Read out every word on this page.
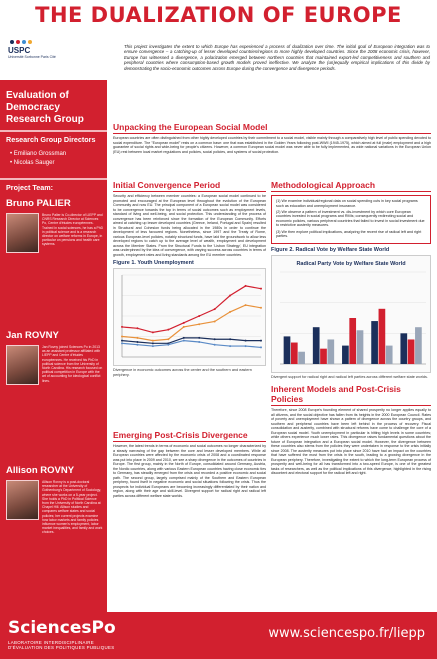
THE DUALIZATION OF EUROPE
USPC
Université Sorbonne Paris Cité
This project investigates the extent to which Europe has experienced a process of dualization over time. The initial goal of European integration was to ensure convergence – a catching-up of lesser developed countries/regions to more highly developed countries. Since the 2008 economic crisis, however, Europe has witnessed a divergence, a polarization emerged between northern countries that maintained export-led competitiveness and southern and peripheral countries where consumption-based growth models proved ineffective. We analyze the (un)equally empirical implications of this divide by demonstrating the socio-economic outcomes across Europe during the convergence and divergence periods.
Evaluation of Democracy Research Group
Research Group Directors
• Emiliano Grossman
• Nicolas Sauger
Project Team:
Bruno PALIER
Bruno Palier is Co-director of LIEPP and CNRS Research Director at Sciences Po, Centre d'études européennes. Trained in social sciences, he has a PhD in political science and is a research director on welfare reforms in Europe, in particular on pensions and health care systems.
Jan ROVNY
Jan Rovny joined Sciences Po in 2013 as an assistant professor affiliated with LIEPP and Centre d'études européennes. He received his PhD in political science from the University of North Carolina. His research focused on political competition in Europe with the art of accounting for ideological conflict lines.
Allison ROVNY
Allison Rovny is a post-doctoral researcher at the University of Gothenburg's Department of Sociology, where she works on a 5-year project. She holds a PhD in Political Science from the University of North Carolina at Chapel Hill. Allison studies and compares welfare states and social policies; her current projects examine how labor markets and family policies influence women's employment, labor market inequalities, and family and work choices.
Unpacking the European Social Model
European countries are often distinguished from other highly developed countries by their commitment to a social model, visible mainly through a comparatively high level of public spending devoted to social expenditure. The "European model" rests on a common base: one that was established in the Golden Years following post-WWII (1945-1975), which aimed at full (male) employment and a high guarantee of social rights and wide-being for people's citizens. However, a common European social model was never able to be fully implemented, as wide national variations in the European Union (EU) rest between local market regulations and policies, social policies, and systems of social protection.
Initial Convergence Period
Security and efficiency between member countries: a European social model continued to be promoted and encouraged at the European level throughout the evolution of the European Community and now EU. The principal component of a European social model was considered to be convergence towards the top in terms of social outcomes such as employment levels, standard of living and well-being, and social protection. This understanding of the process of convergence has been reinforced since the formation of the European Community. Efforts aimed at catching up lesser developed countries (Greece, Ireland, Portugal and Spain) resulted in Structural and Cohesion funds being allocated in the 1980s in order to continue the development of less favoured regions. Nonetheless, since 1997 and the Treaty of Rome, various European-level policies, notably structural funds, have laid the groundwork to allow less developed regions to catch up to the average level of wealth, employment and development across the Member States. From the Structural Funds to the 'Lisbon Strategy', EU integration was underpinned by the idea of convergence, with varying success across countries in terms of growth, employment rates and living standards among the EU member countries.
Figure 1. Youth Unemployment
Divergence in economic outcomes across the center and the southern and eastern periphery.
Methodological Approach
(1) We examine individual/regional data on social spending cuts in key social programs such as education and unemployment insurance.
(2) We observe a pattern of investment vs. dis-investment by which core European countries invested in social programs and RMIs; consequently redirecting social and economic policies, various peripheral countries that failed to invest in social investment due to restrictive austerity measures.
(3) We then explore political implications, analyzing the recent rise of radical left and right parties.
Figure 2. Radical Vote by Welfare State World
Radical Party Vote by Welfare State World
Divergent support for radical right and radical left parties across different welfare state worlds.
Emerging Post-Crisis Divergence
However, the latest trends in terms of economic and social outcomes no longer characterized by a steady narrowing of the gap between the core and lesser developed members. While all European countries were affected by the economic crisis of 2008 and a coordinated response was put into place in 2009 and 2010, we see a sharp divergence in the outcomes of countries in Europe. The first group, mainly in the North of Europe, consolidated around Germany, Austria, the Nordic countries, along with various Eastern European countries having close economic ties to Germany, has steadily emerged from the crisis and recorded a positive economic and social path. The second group, largely comprised mainly of the Southern and Eastern European periphery, found itself in negative economic and social situations following the crisis. Thus the prospects for individual Europeans are becoming increasingly differentiated by their nation and region, along with their age and skill-level. Divergent support for radical right and radical left parties across different welfare state worlds.
Inherent Models and Post-Crisis Policies
Therefore, since 2008 Europe's founding element of shared prosperity no longer applies equally to all citizens, and the social objective has fallen from its heights in the 2000 European Council. Rates of poverty and unemployment have shown a pattern of divergence across the country groups, and southern and peripheral countries have been left behind in the process of recovery. Fiscal consolidation and austerity, combined with structural reforms have come to challenge the core of a European social model. Youth unemployment in particular is hitting high levels in some countries; while others experience much lower rates. This divergence raises fundamental questions about the future of European integration and a European social model. However, the divergence between these countries also stems from the policies they were undertaken in response to the crisis initially since 2008. The austerity measures put into place since 2010 have had an impact on the countries that have suffered the most from the crisis in the south, leading to a growing divergence in the European periphery. Therefore, investigating the extent to which the long-term European process of prosperity and well-being for all has transformed into a two-speed Europe, is one of the greatest tasks of researchers, as well as the political implications of this divergence, highlighted in the rising discontent and electoral support for the radical left and right.
SciencesPo
LABORATOIRE INTERDISCIPLINAIRE
D'ÉVALUATION DES POLITIQUES PUBLIQUES
www.sciencespo.fr/liepp
